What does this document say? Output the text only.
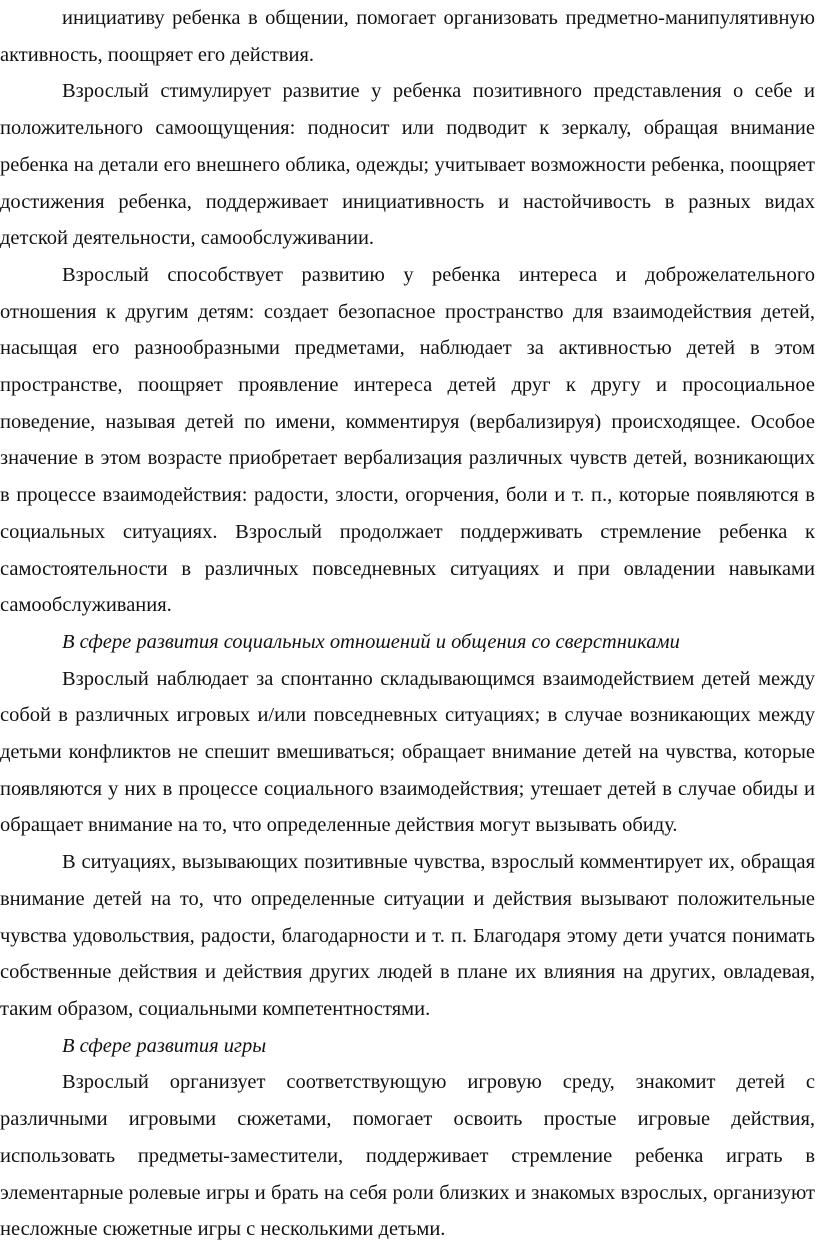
инициативу ребенка в общении, помогает организовать предметно-манипулятивную активность, поощряет его действия.

Взрослый стимулирует развитие у ребенка позитивного представления о себе и положительного самоощущения: подносит или подводит к зеркалу, обращая внимание ребенка на детали его внешнего облика, одежды; учитывает возможности ребенка, поощряет достижения ребенка, поддерживает инициативность и настойчивость в разных видах детской деятельности, самообслуживании.

Взрослый способствует развитию у ребенка интереса и доброжелательного отношения к другим детям: создает безопасное пространство для взаимодействия детей, насыщая его разнообразными предметами, наблюдает за активностью детей в этом пространстве, поощряет проявление интереса детей друг к другу и просоциальное поведение, называя детей по имени, комментируя (вербализируя) происходящее. Особое значение в этом возрасте приобретает вербализация различных чувств детей, возникающих в процессе взаимодействия: радости, злости, огорчения, боли и т. п., которые появляются в социальных ситуациях. Взрослый продолжает поддерживать стремление ребенка к самостоятельности в различных повседневных ситуациях и при овладении навыками самообслуживания.

В сфере развития социальных отношений и общения со сверстниками

Взрослый наблюдает за спонтанно складывающимся взаимодействием детей между собой в различных игровых и/или повседневных ситуациях; в случае возникающих между детьми конфликтов не спешит вмешиваться; обращает внимание детей на чувства, которые появляются у них в процессе социального взаимодействия; утешает детей в случае обиды и обращает внимание на то, что определенные действия могут вызывать обиду.

В ситуациях, вызывающих позитивные чувства, взрослый комментирует их, обращая внимание детей на то, что определенные ситуации и действия вызывают положительные чувства удовольствия, радости, благодарности и т. п. Благодаря этому дети учатся понимать собственные действия и действия других людей в плане их влияния на других, овладевая, таким образом, социальными компетентностями.

В сфере развития игры

Взрослый организует соответствующую игровую среду, знакомит детей с различными игровыми сюжетами, помогает освоить простые игровые действия, использовать предметы-заместители, поддерживает стремление ребенка играть в элементарные ролевые игры и брать на себя роли близких и знакомых взрослых, организуют несложные сюжетные игры с несколькими детьми.
